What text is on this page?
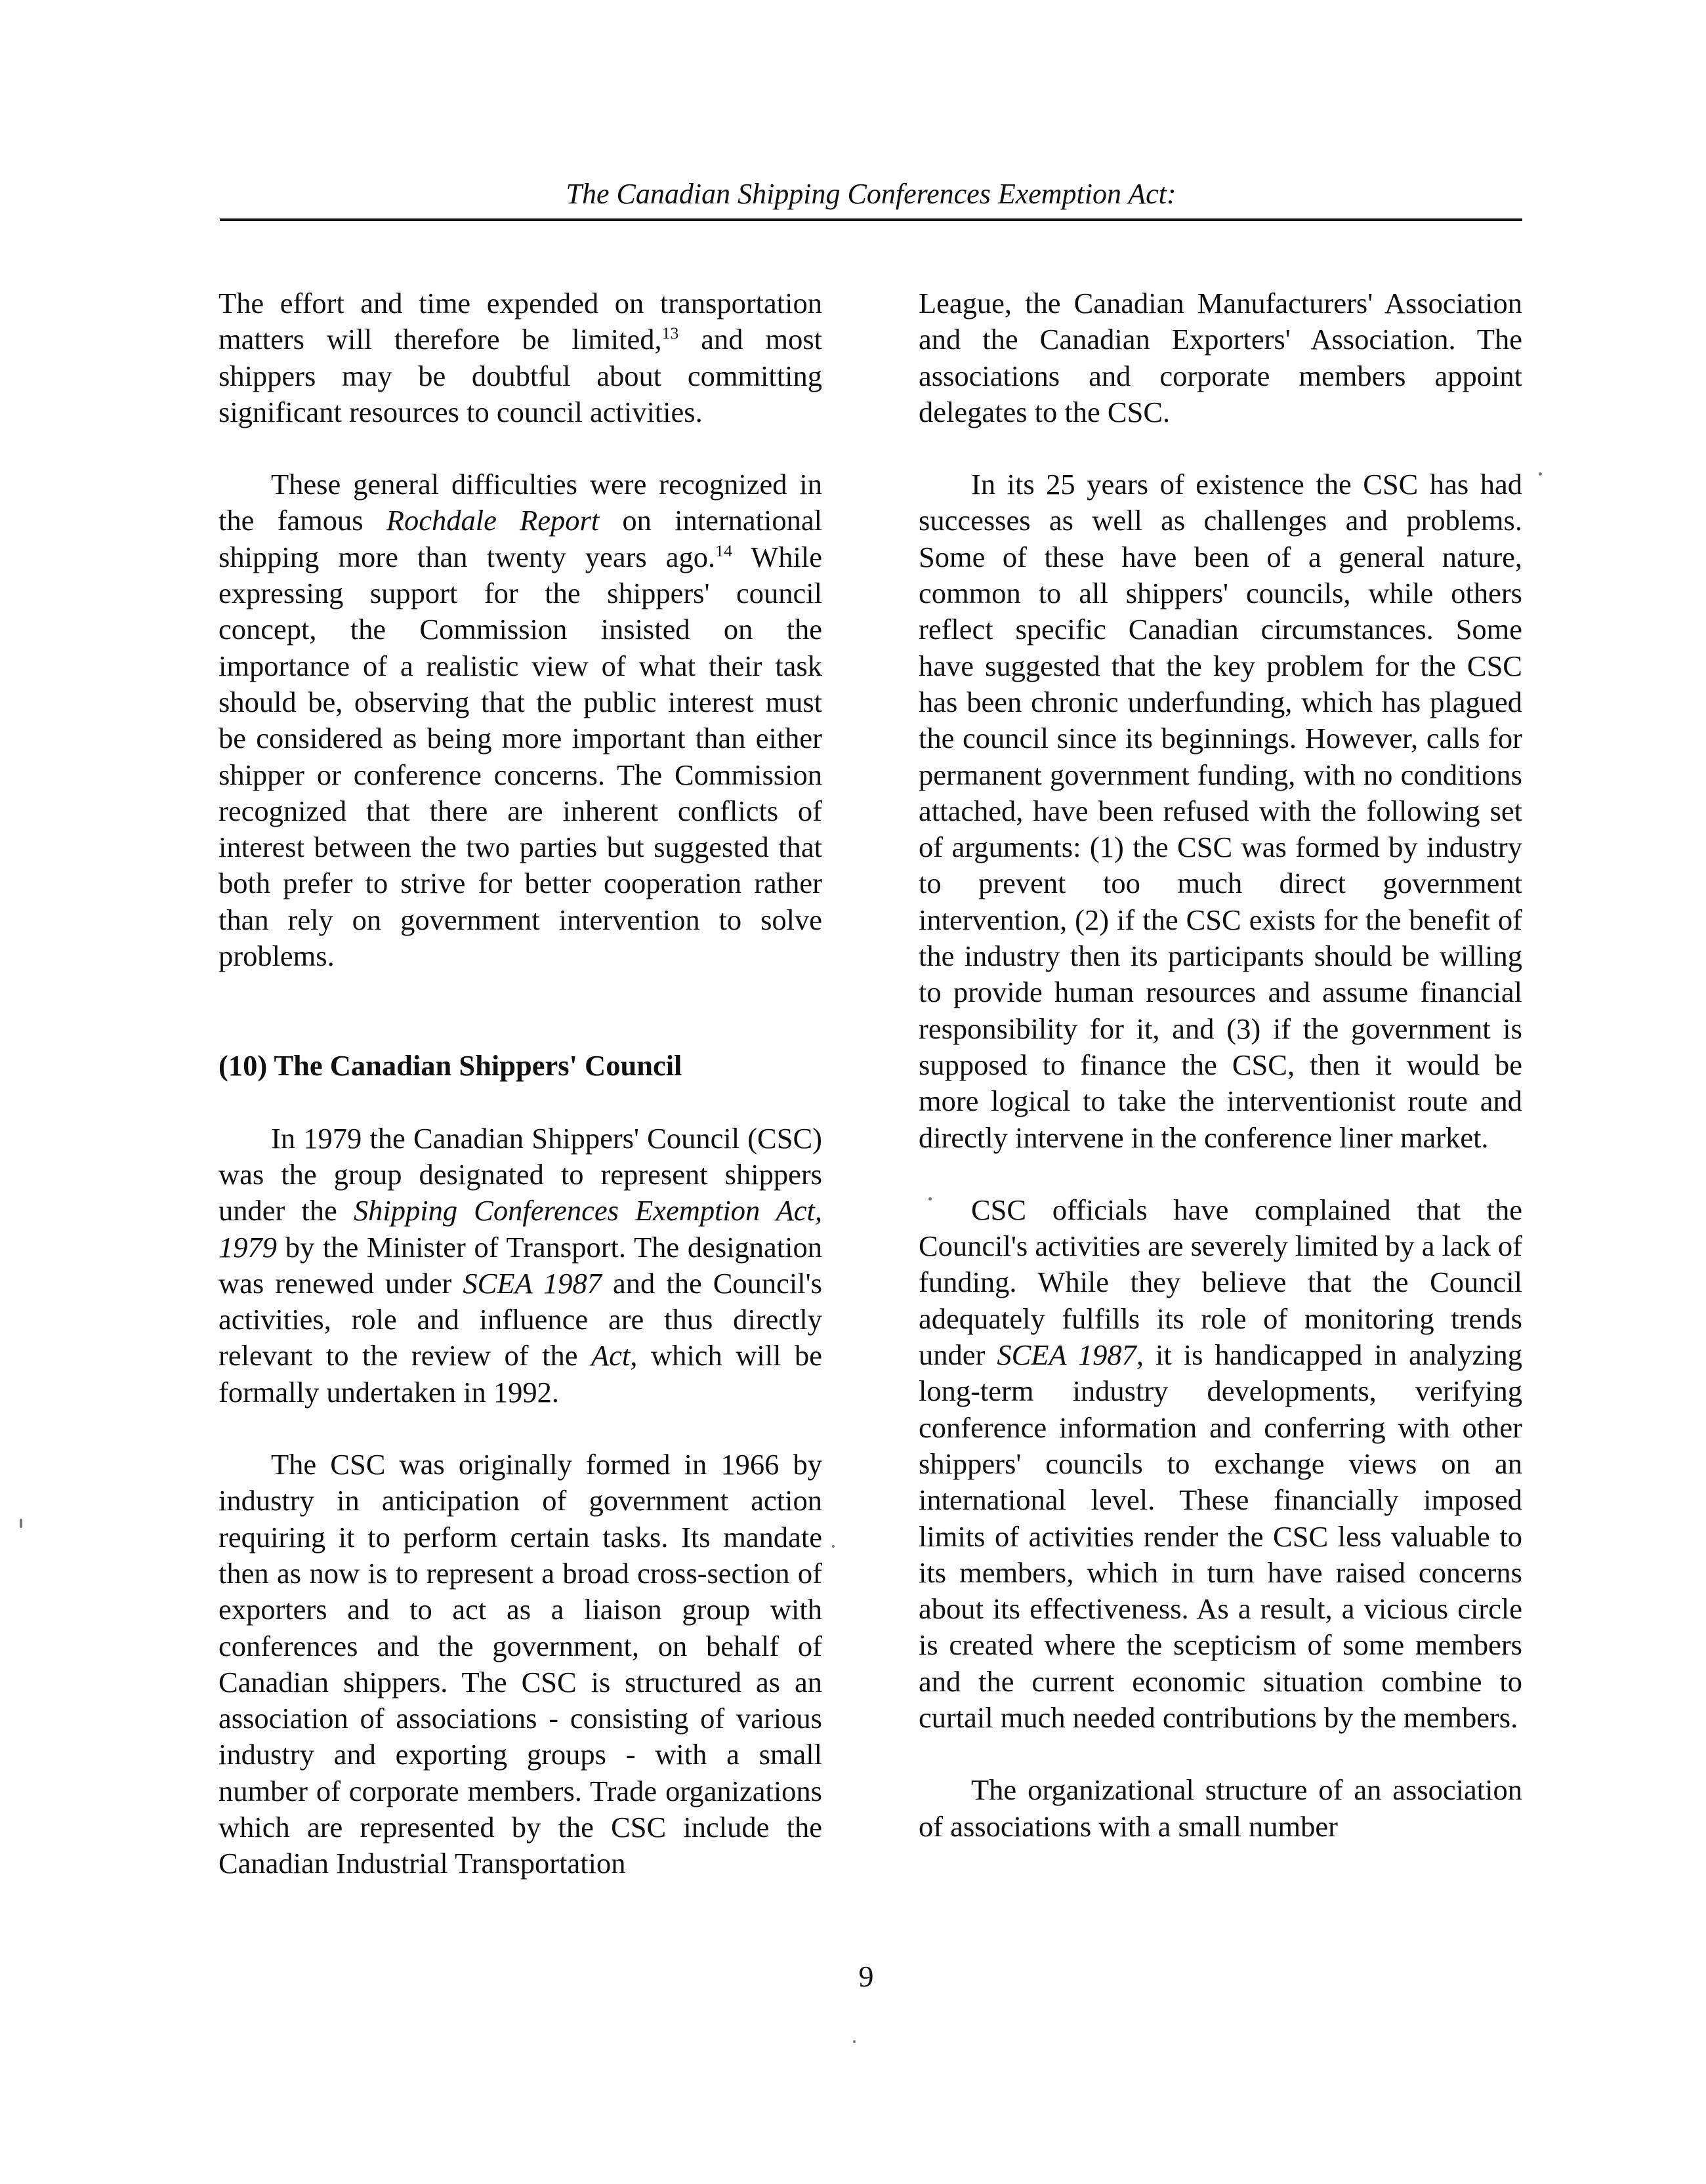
The Canadian Shipping Conferences Exemption Act:

The effort and time expended on transportation matters will therefore be limited,$^{13}$ and most shippers may be doubtful about committing significant resources to council activities.

These general difficulties were recognized in the famous Rochdale Report on international shipping more than twenty years ago.$^{14}$ While expressing support for the shippers' council concept, the Commission insisted on the importance of a realistic view of what their task should be, observing that the public interest must be considered as being more important than either shipper or conference concerns. The Commission recognized that there are inherent conflicts of interest between the two parties but suggested that both prefer to strive for better cooperation rather than rely on government intervention to solve problems.

(10) The Canadian Shippers' Council

In 1979 the Canadian Shippers' Council (CSC) was the group designated to represent shippers under the Shipping Conferences Exemption Act, 1979 by the Minister of Transport. The designation was renewed under SCEA 1987 and the Council's activities, role and influence are thus directly relevant to the review of the Act, which will be formally undertaken in 1992.

The CSC was originally formed in 1966 by industry in anticipation of government action requiring it to perform certain tasks. Its mandate then as now is to represent a broad cross-section of exporters and to act as a liaison group with conferences and the government, on behalf of Canadian shippers. The CSC is structured as an association of associations - consisting of various industry and exporting groups - with a small number of corporate members. Trade organizations which are represented by the CSC include the Canadian Industrial Transportation

League, the Canadian Manufacturers' Association and the Canadian Exporters' Association. The associations and corporate members appoint delegates to the CSC.

In its 25 years of existence the CSC has had successes as well as challenges and problems. Some of these have been of a general nature, common to all shippers' councils, while others reflect specific Canadian circumstances. Some have suggested that the key problem for the CSC has been chronic underfunding, which has plagued the council since its beginnings. However, calls for permanent government funding, with no conditions attached, have been refused with the following set of arguments: (1) the CSC was formed by industry to prevent too much direct government intervention, (2) if the CSC exists for the benefit of the industry then its participants should be willing to provide human resources and assume financial responsibility for it, and (3) if the government is supposed to finance the CSC, then it would be more logical to take the interventionist route and directly intervene in the conference liner market.

CSC officials have complained that the Council's activities are severely limited by a lack of funding. While they believe that the Council adequately fulfills its role of monitoring trends under SCEA 1987, it is handicapped in analyzing long-term industry developments, verifying conference information and conferring with other shippers' councils to exchange views on an international level. These financially imposed limits of activities render the CSC less valuable to its members, which in turn have raised concerns about its effectiveness. As a result, a vicious circle is created where the scepticism of some members and the current economic situation combine to curtail much needed contributions by the members.

The organizational structure of an association of associations with a small number

9
